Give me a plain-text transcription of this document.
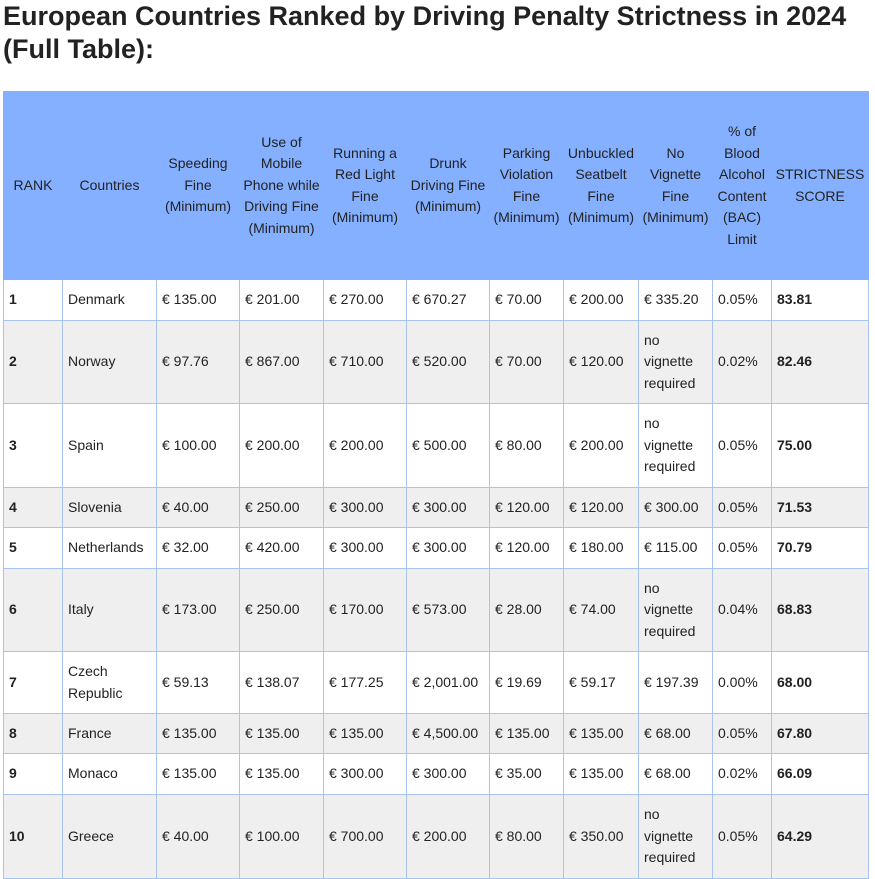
European Countries Ranked by Driving Penalty Strictness in 2024 (Full Table):
RANK	Countries	Speeding Fine (Minimum)	Use of Mobile Phone while Driving Fine (Minimum)	Running a Red Light Fine (Minimum)	Drunk Driving Fine (Minimum)	Parking Violation Fine (Minimum)	Unbuckled Seatbelt Fine (Minimum)	No Vignette Fine (Minimum)	% of Blood Alcohol Content (BAC) Limit	STRICTNESS SCORE
1	Denmark	€ 135.00	€ 201.00	€ 270.00	€ 670.27	€ 70.00	€ 200.00	€ 335.20	0.05%	83.81
2	Norway	€ 97.76	€ 867.00	€ 710.00	€ 520.00	€ 70.00	€ 120.00	no vignette required	0.02%	82.46
3	Spain	€ 100.00	€ 200.00	€ 200.00	€ 500.00	€ 80.00	€ 200.00	no vignette required	0.05%	75.00
4	Slovenia	€ 40.00	€ 250.00	€ 300.00	€ 300.00	€ 120.00	€ 120.00	€ 300.00	0.05%	71.53
5	Netherlands	€ 32.00	€ 420.00	€ 300.00	€ 300.00	€ 120.00	€ 180.00	€ 115.00	0.05%	70.79
6	Italy	€ 173.00	€ 250.00	€ 170.00	€ 573.00	€ 28.00	€ 74.00	no vignette required	0.04%	68.83
7	Czech Republic	€ 59.13	€ 138.07	€ 177.25	€ 2,001.00	€ 19.69	€ 59.17	€ 197.39	0.00%	68.00
8	France	€ 135.00	€ 135.00	€ 135.00	€ 4,500.00	€ 135.00	€ 135.00	€ 68.00	0.05%	67.80
9	Monaco	€ 135.00	€ 135.00	€ 300.00	€ 300.00	€ 35.00	€ 135.00	€ 68.00	0.02%	66.09
10	Greece	€ 40.00	€ 100.00	€ 700.00	€ 200.00	€ 80.00	€ 350.00	no vignette required	0.05%	64.29
